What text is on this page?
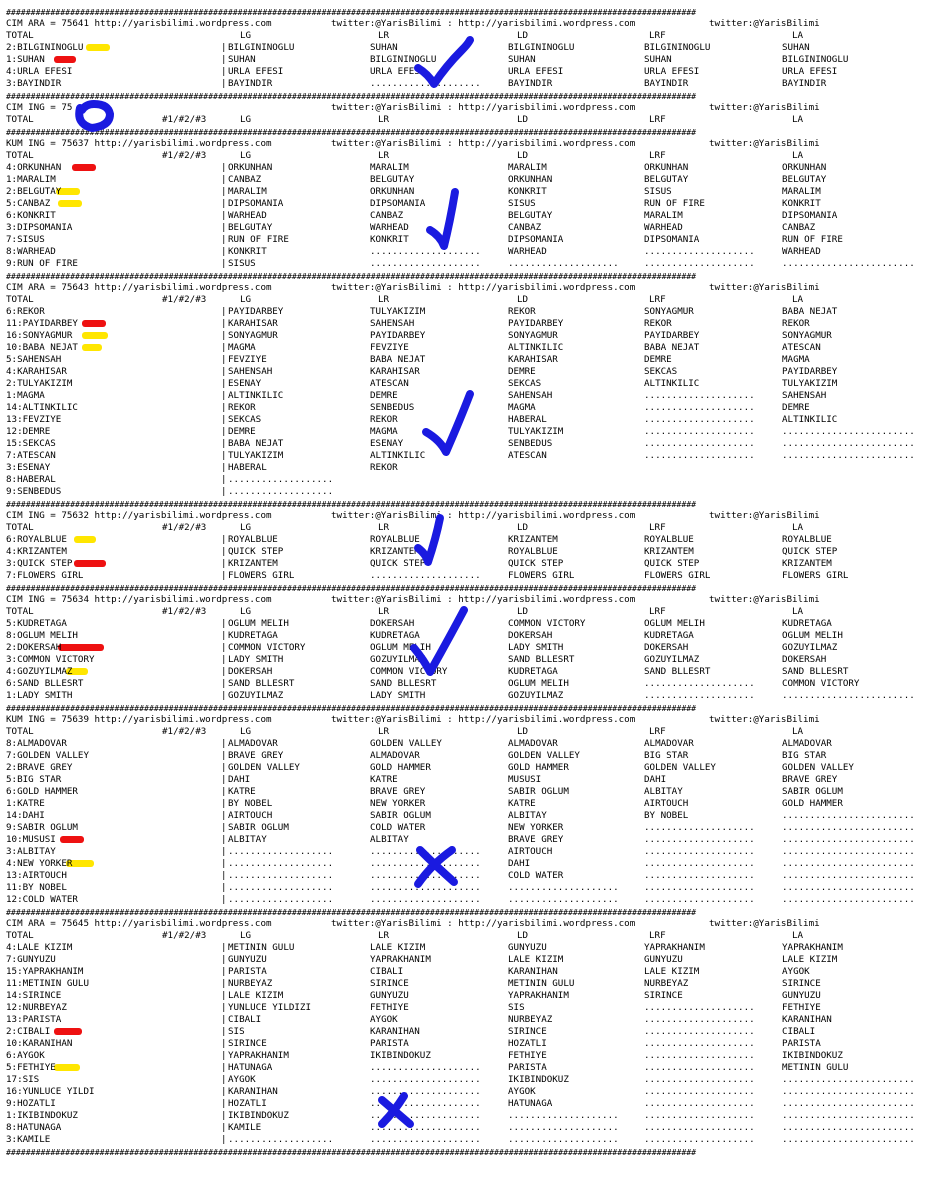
############################################################################################################################################
CIM ARA = 75641 http://yarisbilimi.wordpress.com	twitter:@YarisBilimi : http://yarisbilimi.wordpress.com	twitter:@YarisBilimi
TOTAL	LG	LR	LD	LRF	LA
2:BILGININOGLU	| BILGININOGLU	SUHAN	BILGININOGLU	BILGININOGLU	SUHAN
1:SUHAN	| SUHAN	BILGININOGLU	SUHAN	SUHAN	BILGININOGLU
4:URLA EFESI	| URLA EFESI	URLA EFESI	URLA EFESI	URLA EFESI	URLA EFESI
3:BAYINDIR	| BAYINDIR	....................	BAYINDIR	BAYINDIR	BAYINDIR
############################################################################################################################################
CIM ING = 75	twitter:@YarisBilimi : http://yarisbilimi.wordpress.com	twitter:@YarisBilimi
TOTAL	#1/#2/#3	LG	LR	LD	LRF	LA
############################################################################################################################################
KUM ING = 75637 http://yarisbilimi.wordpress.com	twitter:@YarisBilimi : http://yarisbilimi.wordpress.com	twitter:@YarisBilimi
TOTAL	#1/#2/#3	LG	LR	LD	LRF	LA
4:ORKUNHAN	| ORKUNHAN	MARALIM	MARALIM	ORKUNHAN	ORKUNHAN
1:MARALIM	| CANBAZ	BELGUTAY	ORKUNHAN	BELGUTAY	BELGUTAY
2:BELGUTAY	| MARALIM	ORKUNHAN	KONKRIT	SISUS	MARALIM
5:CANBAZ	| DIPSOMANIA	DIPSOMANIA	SISUS	RUN OF FIRE	KONKRIT
6:KONKRIT	| WARHEAD	CANBAZ	BELGUTAY	MARALIM	DIPSOMANIA
3:DIPSOMANIA	| BELGUTAY	WARHEAD	CANBAZ	WARHEAD	CANBAZ
7:SISUS	| RUN OF FIRE	KONKRIT	DIPSOMANIA	DIPSOMANIA	RUN OF FIRE
8:WARHEAD	| KONKRIT	....................	WARHEAD	....................	WARHEAD
9:RUN OF FIRE	| SISUS	....................	....................	....................	........................
############################################################################################################################################
CIM ARA = 75643 http://yarisbilimi.wordpress.com	twitter:@YarisBilimi : http://yarisbilimi.wordpress.com	twitter:@YarisBilimi
TOTAL	#1/#2/#3	LG	LR	LD	LRF	LA
6:REKOR	| PAYIDARBEY	TULYAKIZIM	REKOR	SONYAGMUR	BABA NEJAT
11:PAYIDARBEY	| KARAHISAR	SAHENSAH	PAYIDARBEY	REKOR	REKOR
16:SONYAGMUR	| SONYAGMUR	PAYIDARBEY	SONYAGMUR	PAYIDARBEY	SONYAGMUR
10:BABA NEJAT	| MAGMA	FEVZIYE	ALTINKILIC	BABA NEJAT	ATESCAN
5:SAHENSAH	| FEVZIYE	BABA NEJAT	KARAHISAR	DEMRE	MAGMA
4:KARAHISAR	| SAHENSAH	KARAHISAR	DEMRE	SEKCAS	PAYIDARBEY
2:TULYAKIZIM	| ESENAY	ATESCAN	SEKCAS	ALTINKILIC	TULYAKIZIM
1:MAGMA	| ALTINKILIC	DEMRE	SAHENSAH	....................	SAHENSAH
14:ALTINKILIC	| REKOR	SENBEDUS	MAGMA	....................	DEMRE
13:FEVZIYE	| SEKCAS	REKOR	HABERAL	....................	ALTINKILIC
12:DEMRE	| DEMRE	MAGMA	TULYAKIZIM	....................	........................
15:SEKCAS	| BABA NEJAT	ESENAY	SENBEDUS	....................	........................
7:ATESCAN	| TULYAKIZIM	ALTINKILIC	ATESCAN	....................	........................
3:ESENAY	| HABERAL	REKOR
8:HABERAL	| ...................
9:SENBEDUS	| ...................
############################################################################################################################################
CIM ING = 75632 http://yarisbilimi.wordpress.com	twitter:@YarisBilimi : http://yarisbilimi.wordpress.com	twitter:@YarisBilimi
TOTAL	#1/#2/#3	LG	LR	LD	LRF	LA
6:ROYALBLUE	| ROYALBLUE	ROYALBLUE	KRIZANTEM	ROYALBLUE	ROYALBLUE
4:KRIZANTEM	| QUICK STEP	KRIZANTEM	ROYALBLUE	KRIZANTEM	QUICK STEP
3:QUICK STEP	| KRIZANTEM	QUICK STEP	QUICK STEP	QUICK STEP	KRIZANTEM
7:FLOWERS GIRL	| FLOWERS GIRL	....................	FLOWERS GIRL	FLOWERS GIRL	FLOWERS GIRL
############################################################################################################################################
CIM ING = 75634 http://yarisbilimi.wordpress.com	twitter:@YarisBilimi : http://yarisbilimi.wordpress.com	twitter:@YarisBilimi
TOTAL	#1/#2/#3	LG	LR	LD	LRF	LA
5:KUDRETAGA	| OGLUM MELIH	DOKERSAH	COMMON VICTORY	OGLUM MELIH	KUDRETAGA
8:OGLUM MELIH	| KUDRETAGA	KUDRETAGA	DOKERSAH	KUDRETAGA	OGLUM MELIH
2:DOKERSAH	| COMMON VICTORY	OGLUM MELIH	LADY SMITH	DOKERSAH	GOZUYILMAZ
3:COMMON VICTORY	| LADY SMITH	GOZUYILMAZ	SAND BLLESRT	GOZUYILMAZ	DOKERSAH
4:GOZUYILMAZ	| DOKERSAH	COMMON VICTORY	KUDRETAGA	SAND BLLESRT	SAND BLLESRT
6:SAND BLLESRT	| SAND BLLESRT	SAND BLLESRT	OGLUM MELIH	....................	COMMON VICTORY
1:LADY SMITH	| GOZUYILMAZ	LADY SMITH	GOZUYILMAZ	....................	........................
############################################################################################################################################
KUM ING = 75639 http://yarisbilimi.wordpress.com	twitter:@YarisBilimi : http://yarisbilimi.wordpress.com	twitter:@YarisBilimi
TOTAL	#1/#2/#3	LG	LR	LD	LRF	LA
8:ALMADOVAR	| ALMADOVAR	GOLDEN VALLEY	ALMADOVAR	ALMADOVAR	ALMADOVAR
7:GOLDEN VALLEY	| BRAVE GREY	ALMADOVAR	GOLDEN VALLEY	BIG STAR	BIG STAR
2:BRAVE GREY	| GOLDEN VALLEY	GOLD HAMMER	GOLD HAMMER	GOLDEN VALLEY	GOLDEN VALLEY
5:BIG STAR	| DAHI	KATRE	MUSUSI	DAHI	BRAVE GREY
6:GOLD HAMMER	| KATRE	BRAVE GREY	SABIR OGLUM	ALBITAY	SABIR OGLUM
1:KATRE	| BY NOBEL	NEW YORKER	KATRE	AIRTOUCH	GOLD HAMMER
14:DAHI	| AIRTOUCH	SABIR OGLUM	ALBITAY	BY NOBEL	........................
9:SABIR OGLUM	| SABIR OGLUM	COLD WATER	NEW YORKER	....................	........................
10:MUSUSI	| ALBITAY	ALBITAY	BRAVE GREY	....................	........................
3:ALBITAY	| ...................	....................	AIRTOUCH	....................	........................
4:NEW YORKER	| ...................	....................	DAHI	....................	........................
13:AIRTOUCH	| ...................	....................	COLD WATER	....................	........................
11:BY NOBEL	| ...................	....................	....................	....................	........................
12:COLD WATER	| ...................	....................	....................	....................	........................
############################################################################################################################################
CIM ARA = 75645 http://yarisbilimi.wordpress.com	twitter:@YarisBilimi : http://yarisbilimi.wordpress.com	twitter:@YarisBilimi
TOTAL	#1/#2/#3	LG	LR	LD	LRF	LA
4:LALE KIZIM	| METININ GULU	LALE KIZIM	GUNYUZU	YAPRAKHANIM	YAPRAKHANIM
7:GUNYUZU	| GUNYUZU	YAPRAKHANIM	LALE KIZIM	GUNYUZU	LALE KIZIM
15:YAPRAKHANIM	| PARISTA	CIBALI	KARANIHAN	LALE KIZIM	AYGOK
11:METININ GULU	| NURBEYAZ	SIRINCE	METININ GULU	NURBEYAZ	SIRINCE
14:SIRINCE	| LALE KIZIM	GUNYUZU	YAPRAKHANIM	SIRINCE	GUNYUZU
12:NURBEYAZ	| YUNLUCE YILDIZI	FETHIYE	SIS	....................	FETHIYE
13:PARISTA	| CIBALI	AYGOK	NURBEYAZ	....................	KARANIHAN
2:CIBALI	| SIS	KARANIHAN	SIRINCE	....................	CIBALI
10:KARANIHAN	| SIRINCE	PARISTA	HOZATLI	....................	PARISTA
6:AYGOK	| YAPRAKHANIM	IKIBINDOKUZ	FETHIYE	....................	IKIBINDOKUZ
5:FETHIYE	| HATUNAGA	....................	PARISTA	....................	METININ GULU
17:SIS	| AYGOK	....................	IKIBINDOKUZ	....................	........................
16:YUNLUCE YILDI	| KARANIHAN	....................	AYGOK	....................	........................
9:HOZATLI	| HOZATLI	....................	HATUNAGA	....................	........................
1:IKIBINDOKUZ	| IKIBINDOKUZ	....................	....................	....................	........................
8:HATUNAGA	| KAMILE	....................	....................	....................	........................
3:KAMILE	| ...................	....................	....................	....................	........................
############################################################################################################################################
